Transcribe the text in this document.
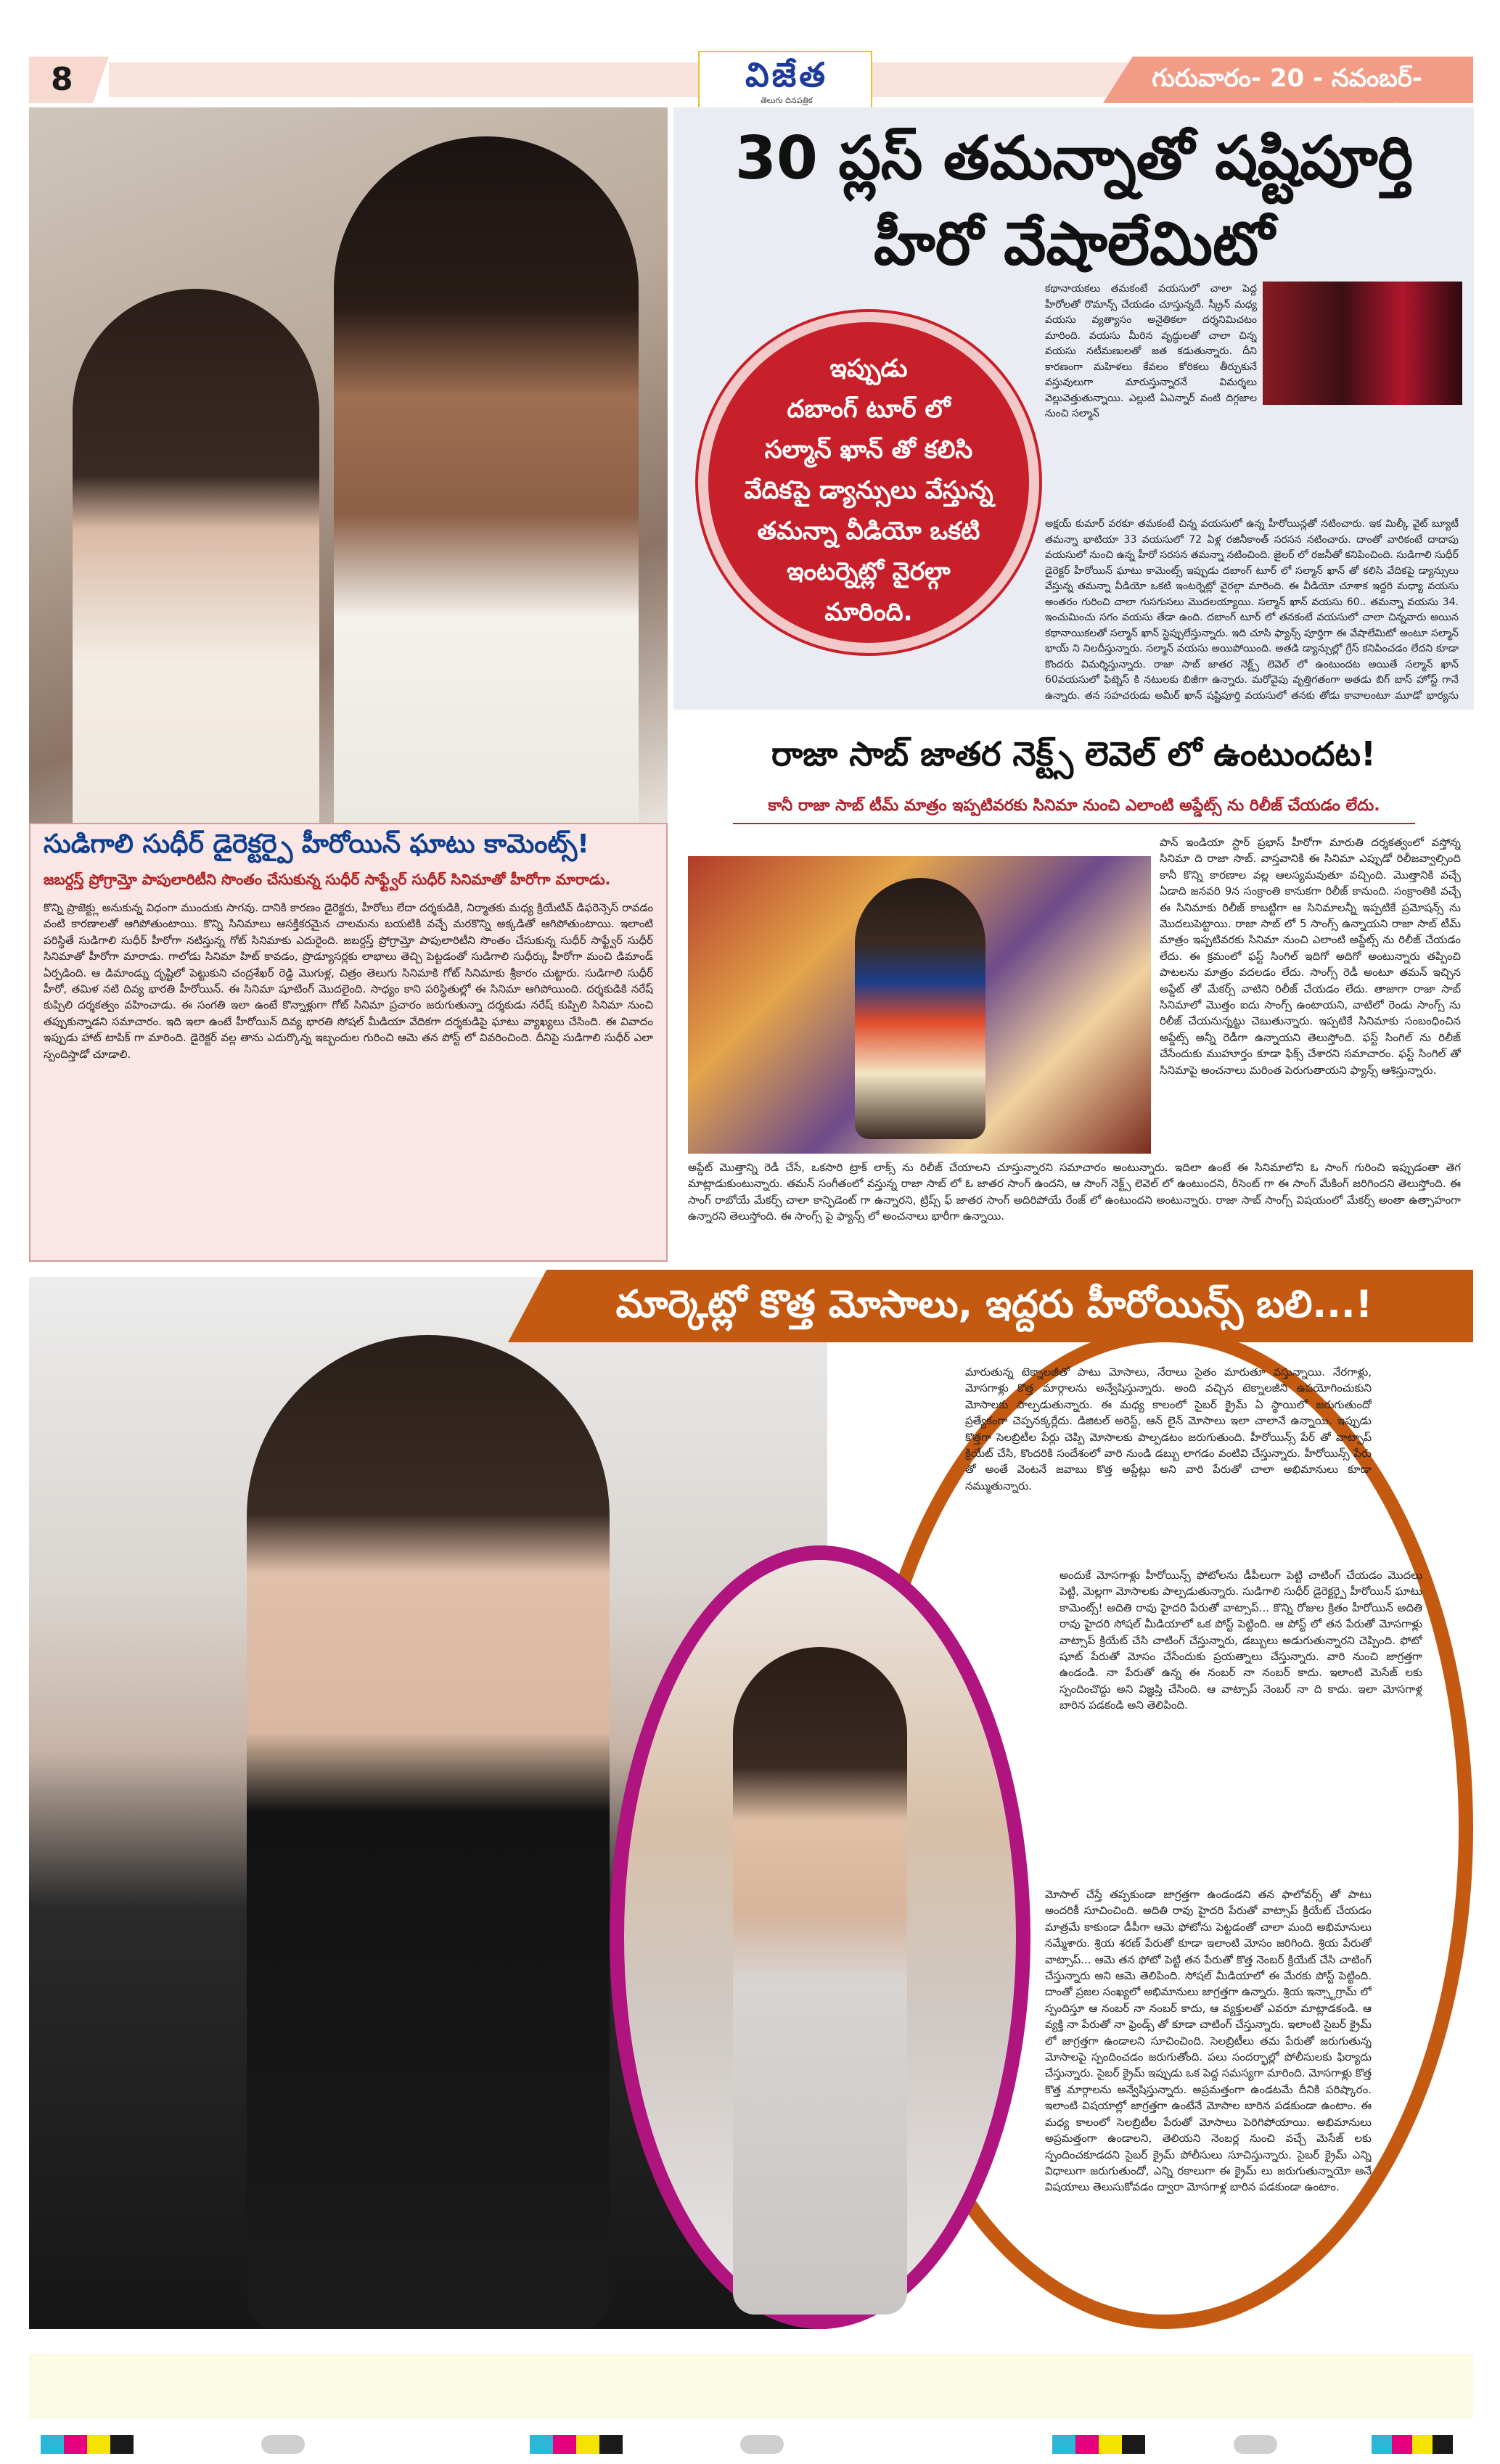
8	విజేత
తెలుగు దినపత్రిక
గురువారం- 20 - నవంబర్-
30 ప్లస్ తమన్నాతో షష్టిపూర్తి
హీరో వేషాలేమిటో
కథానాయకలు తమకంటే వయసులో చాలా పెద్ద హీరోలతో రొమాన్స్ చేయడం చూస్తున్నదే. స్క్రీన్ మధ్య వయసు వ్యత్యాసం అనైతికలా దర్శనిమిచటం మారింది. వయసు మీరిన వృద్ధులతో చాలా చిన్న వయసు నటీమణులతో జత కడుతున్నారు. దీని కారణంగా మహిళలు కేవలం కోరికలు తీర్చుకునే వస్తువులుగా మారుస్తున్నారనే విమర్శలు వెల్లువెత్తుతున్నాయి. ఎల్లుటి ఏఎన్నార్ వంటి దిగ్గజాల నుంచి సల్మాన్
అక్షయ్ కుమార్ వరకూ తమకంటే చిన్న వయసులో ఉన్న హీరోయిన్లతో నటించారు. ఇక మిల్కీ వైట్ బ్యూటీ తమన్నా భాటియా 33 వయసులో 72 ఏళ్ల రజినీకాంత్ సరసన నటించారు. దాంతో వారికంటే దాదాపు వయసులో నుంచి ఉన్న హీరో సరసన తమన్నా నటించింది. జైలర్ లో రజనీతో కనిపించింది. సుడిగాలి సుధీర్ డైరెక్టర్ హీరోయిన్ ఘాటు కామెంట్స్ ఇప్పుడు దబాంగ్ టూర్ లో సల్మాన్ ఖాన్ తో కలిసి వేదికపై డ్యాన్సులు వేస్తున్న తమన్నా వీడియో ఒకటి ఇంటర్నెట్లో వైరల్గా మారింది. ఈ వీడియో చూశాక ఇద్దరి మధ్యా వయసు అంతరం గురించి చాలా గుసగుసలు మొదలయ్యాయి. సల్మాన్ ఖాన్ వయసు 60.. తమన్నా వయసు 34. ఇంచుమించు సగం వయసు తేడా ఉంది. దబాంగ్ టూర్ లో తనకంటే వయసులో చాలా చిన్నవారు అయిన కథానాయికలతో సల్మాన్ ఖాన్ స్టెప్పులేస్తున్నారు. ఇది చూసి ఫ్యాన్స్ పూర్తిగా ఈ వేషాలేమిటో అంటూ సల్మాన్ భాయ్ ని నిలదీస్తున్నారు. సల్మాన్ వయసు అయిపోయింది. అతడి డ్యాన్సుల్లో గ్రేస్ కనిపించడం లేదని కూడా కొందరు విమర్శిస్తున్నారు. రాజా సాబ్ జాతర నెక్ట్స్ లెవెల్ లో ఉంటుందట అయితే సల్మాన్ ఖాన్ 60వయసులో ఫిట్నెస్ కి నటులకు బిజీగా ఉన్నారు. మరోవైపు వృత్తిగతంగా అతడు బిగ్ బాస్ హోస్ట్ గానే ఉన్నారు. తన సహచరుడు అమీర్ ఖాన్ షష్టిపూర్తి వయసులో తనకు తోడు కావాలంటూ మూడో భార్యను
ఇప్పుడు
దబాంగ్ టూర్ లో
సల్మాన్ ఖాన్ తో కలిసి
వేదికపై డ్యాన్సులు వేస్తున్న
తమన్నా వీడియో ఒకటి
ఇంటర్నెట్లో వైరల్గా
మారింది.
సుడిగాలి సుధీర్ డైరెక్టర్పై హీరోయిన్ ఘాటు కామెంట్స్!
జబర్దస్త్ ప్రోగ్రామ్తో పాపులారిటీని సొంతం చేసుకున్న సుధీర్ సాఫ్ట్వేర్ సుధీర్ సినిమాతో హీరోగా మారాడు.
కొన్ని ప్రాజెక్ట్లు అనుకున్న విధంగా ముందుకు సాగవు. దానికి కారణం డైరెక్టరు, హీరోలు లేదా దర్శకుడికి, నిర్మాతకు మధ్య క్రియేటివ్ డిఫరెన్సెస్ రావడం వంటి కారణాలతో ఆగిపోతుంటాయి. కొన్ని సినిమాలు ఆసక్తికరమైన చాలమను బయటికి వచ్చే మరకొన్ని అక్కడితో ఆగిపోతుంటాయి. ఇలాంటి పరిస్థితే సుడిగాలి సుధీర్ హీరోగా నటిస్తున్న గోట్ సినిమాకు ఎదురైంది. జబర్దస్త్ ప్రోగ్రామ్తో పాపులారిటీని సొంతం చేసుకున్న సుధీర్ సాఫ్ట్వేర్ సుధీర్ సినిమాతో హీరోగా మారాడు. గాలోడు సినిమా హిట్ కావడం, ప్రొడ్యూసర్లకు లాభాలు తెచ్చి పెట్టడంతో సుడిగాలి సుధీర్కు హీరోగా మంచి డిమాండ్ ఏర్పడింది. ఆ డిమాండ్ను దృష్టిలో పెట్టుకుని చంద్రశేఖర్ రెడ్డి మొగుళ్ల, చిత్రం తెలుగు సినిమాకి గోట్ సినిమాకు శ్రీకారం చుట్టారు. సుడిగాలి సుధీర్ హీరో, తమిళ నటి దివ్య భారతి హీరోయిన్. ఈ సినిమా షూటింగ్ మొదలైంది. సాధ్యం కాని పరిస్థితుల్లో ఈ సినిమా ఆగిపోయింది. దర్శకుడికి నరేష్ కుప్పిలి దర్శకత్వం వహించాడు. ఈ సంగతి ఇలా ఉంటే కొన్నాళ్లుగా గోట్ సినిమా ప్రచారం జరుగుతున్నా దర్శకుడు నరేష్ కుప్పిలి సినిమా నుంచి తప్పుకున్నాడని సమాచారం. ఇది ఇలా ఉంటే హీరోయిన్ దివ్య భారతి సోషల్ మీడియా వేదికగా దర్శకుడిపై ఘాటు వ్యాఖ్యలు చేసింది. ఈ వివాదం ఇప్పుడు హాట్ టాపిక్ గా మారింది. డైరెక్టర్ వల్ల తాను ఎదుర్కొన్న ఇబ్బందుల గురించి ఆమె తన పోస్ట్ లో వివరించింది. దీనిపై సుడిగాలి సుధీర్ ఎలా స్పందిస్తాడో చూడాలి.
రాజా సాబ్ జాతర నెక్ట్స్ లెవెల్ లో ఉంటుందట!
కానీ రాజా సాబ్ టీమ్ మాత్రం ఇప్పటివరకు సినిమా నుంచి ఎలాంటి అప్డేట్స్ ను రిలీజ్ చేయడం లేదు.
పాన్ ఇండియా స్టార్ ప్రభాస్ హీరోగా మారుతి దర్శకత్వంలో వస్తోన్న సినిమా ది రాజా సాబ్. వాస్తవానికి ఈ సినిమా ఎప్పుడో రిలీజవ్వాల్సింది కానీ కొన్ని కారణాల వల్ల ఆలస్యమవుతూ వచ్చింది. మొత్తానికి వచ్చే ఏడాది జనవరి 9న సంక్రాంతి కానుకగా రిలీజ్ కానుంది. సంక్రాంతికి వచ్చే ఈ సినిమాకు రిలీజ్ కాబట్టిగా ఆ సినిమాలన్నీ ఇప్పటికే ప్రమోషన్స్ ను మొదలుపెట్టాయి. రాజా సాబ్ లో 5 సాంగ్స్ ఉన్నాయని రాజా సాబ్ టీమ్ మాత్రం ఇప్పటివరకు సినిమా నుంచి ఎలాంటి అప్డేట్స్ ను రిలీజ్ చేయడం లేదు. ఈ క్రమంలో ఫస్ట్ సింగిల్ ఇదిగో అదిగో అంటున్నారు తప్పించి పాటలను మాత్రం వదలడం లేదు. సాంగ్స్ రెడీ అంటూ తమన్ ఇచ్చిన అప్డేట్ తో మేకర్స్ వాటిని రిలీజ్ చేయడం లేదు. తాజాగా రాజా సాబ్ సినిమాలో మొత్తం ఐదు సాంగ్స్ ఉంటాయని, వాటిలో రెండు సాంగ్స్ ను రిలీజ్ చేయనున్నట్టు చెబుతున్నారు. ఇప్పటికే సినిమాకు సంబంధించిన అప్డేట్స్ అన్నీ రెడీగా ఉన్నాయని తెలుస్తోంది. ఫస్ట్ సింగిల్ ను రిలీజ్ చేసేందుకు ముహూర్తం కూడా ఫిక్స్ చేశారని సమాచారం. ఫస్ట్ సింగిల్ తో సినిమాపై అంచనాలు మరింత పెరుగుతాయని ఫ్యాన్స్ ఆశిస్తున్నారు.
అప్డేట్ మొత్తాన్ని రెడీ చేసే, ఒకసారి ట్రాక్ లాక్స్ ను రిలీజ్ చేయాలని చూస్తున్నారని సమాచారం అంటున్నారు. ఇదిలా ఉంటే ఈ సినిమాలోని ఓ సాంగ్ గురించి ఇప్పుడంతా తెగ మాట్లాడుకుంటున్నారు. తమన్ సంగీతంలో వస్తున్న రాజా సాబ్ లో ఓ జాతర సాంగ్ ఉందని, ఆ సాంగ్ నెక్ట్స్ లెవెల్ లో ఉంటుందని, రీసెంట్ గా ఈ సాంగ్ మేకింగ్ జరిగిందని తెలుస్తోంది. ఈ సాంగ్ రాబోయే మేకర్స్ చాలా కాన్ఫిడెంట్ గా ఉన్నారని, ట్రిప్స్ ఫ్ జాతర సాంగ్ అదిరిపోయే రేంజ్ లో ఉంటుందని అంటున్నారు. రాజా సాబ్ సాంగ్స్ విషయంలో మేకర్స్ అంతా ఉత్సాహంగా ఉన్నారని తెలుస్తోంది. ఈ సాంగ్స్ పై ఫ్యాన్స్ లో అంచనాలు భారీగా ఉన్నాయి.
మార్కెట్లో కొత్త మోసాలు, ఇద్దరు హీరోయిన్స్ బలి...!
మారుతున్న టెక్నాలజీతో పాటు మోసాలు, నేరాలు సైతం మారుతూ వస్తున్నాయి. నేరగాళ్లు, మోసగాళ్లు కొత్త మార్గాలను అన్వేషిస్తున్నారు. అంది వచ్చిన టెక్నాలజీని ఉపయోగించుకుని మోసాలకు పాల్పడుతున్నారు. ఈ మధ్య కాలంలో సైబర్ క్రైమ్ ఏ స్థాయిలో జరుగుతుందో ప్రత్యేకంగా చెప్పనక్కర్లేదు. డిజిటల్ అరెస్ట్, ఆన్ లైన్ మోసాలు ఇలా చాలానే ఉన్నాయి. ఇప్పుడు కొత్తగా సెలబ్రిటీల పేర్లు చెప్పి మోసాలకు పాల్పడటం జరుగుతుంది. హీరోయిన్స్ పేర్ తో వాట్సాప్ క్రియేట్ చేసి, కొందరికి సందేశంలో వారి నుండి డబ్బు లాగడం వంటివి చేస్తున్నారు. హీరోయిన్స్ పేరు తో అంతే వెంటనే జవాబు కొత్త అప్డేట్లు అని వారి పేరుతో చాలా అభిమానులు కూడా నమ్ముతున్నారు.
అందుకే మోసగాళ్లు హీరోయిన్స్ ఫోటోలను డీపీలుగా పెట్టి చాటింగ్ చేయడం మొదలు పెట్టి, మెల్లగా మోసాలకు పాల్పడుతున్నారు. సుడిగాలి సుధీర్ డైరెక్టర్పై హీరోయిన్ ఘాటు కామెంట్స్! అదితి రావు హైదరి పేరుతో వాట్సాప్... కొన్ని రోజుల క్రితం హీరోయిన్ అదితి రావు హైదరి సోషల్ మీడియాలో ఒక పోస్ట్ పెట్టింది. ఆ పోస్ట్ లో తన పేరుతో మోసగాళ్లు వాట్సాప్ క్రియేట్ చేసి చాటింగ్ చేస్తున్నారు, డబ్బులు అడుగుతున్నారని చెప్పింది. ఫోటో షూట్ పేరుతో మోసం చేసేందుకు ప్రయత్నాలు చేస్తున్నారు. వారి నుంచి జాగ్రత్తగా ఉండండి. నా పేరుతో ఉన్న ఈ నంబర్ నా నంబర్ కాదు. ఇలాంటి మెసేజ్ లకు స్పందించొద్దు అని విజ్ఞప్తి చేసింది. ఆ వాట్సాప్ నెంబర్ నా ది కాదు. ఇలా మోసగాళ్ల బారిన పడకండి అని తెలిపింది.
మోసాల్ చేస్తే తప్పకుండా జాగ్రత్తగా ఉండండని తన ఫాలోవర్స్ తో పాటు అందరికీ సూచించింది. అదితి రావు హైదరి పేరుతో వాట్సాప్ క్రియేట్ చేయడం మాత్రమే కాకుండా డీపీగా ఆమె ఫోటోను పెట్టడంతో చాలా మంది అభిమానులు నమ్మేశారు. శ్రియ శరణ్ పేరుతో కూడా ఇలాంటి మోసం జరిగింది. శ్రియ పేరుతో వాట్సాప్... ఆమె తన ఫోటో పెట్టి తన పేరుతో కొత్త నెంబర్ క్రియేట్ చేసి చాటింగ్ చేస్తున్నారు అని ఆమె తెలిపింది. సోషల్ మీడియాలో ఈ మేరకు పోస్ట్ పెట్టింది. దాంతో ప్రజల సంఖ్యలో అభిమానులు జాగ్రత్తగా ఉన్నారు. శ్రియ ఇన్స్టాగ్రామ్ లో స్పందిస్తూ ఆ నంబర్ నా నంబర్ కాదు, ఆ వ్యక్తులతో ఎవరూ మాట్లాడకండి. ఆ వ్యక్తి నా పేరుతో నా ఫ్రెండ్స్ తో కూడా చాటింగ్ చేస్తున్నారు. ఇలాంటి సైబర్ క్రైమ్ లో జాగ్రత్తగా ఉండాలని సూచించింది. సెలబ్రిటీలు తమ పేరుతో జరుగుతున్న మోసాలపై స్పందించడం జరుగుతోంది. పలు సందర్భాల్లో పోలీసులకు ఫిర్యాదు చేస్తున్నారు. సైబర్ క్రైమ్ ఇప్పుడు ఒక పెద్ద సమస్యగా మారింది. మోసగాళ్లు కొత్త కొత్త మార్గాలను అన్వేషిస్తున్నారు. అప్రమత్తంగా ఉండటమే దీనికి పరిష్కారం. ఇలాంటి విషయాల్లో జాగ్రత్తగా ఉంటేనే మోసాల బారిన పడకుండా ఉంటాం. ఈ మధ్య కాలంలో సెలబ్రిటీల పేరుతో మోసాలు పెరిగిపోయాయి. అభిమానులు అప్రమత్తంగా ఉండాలని, తెలియని నెంబర్ల నుంచి వచ్చే మెసేజ్ లకు స్పందించకూడదని సైబర్ క్రైమ్ పోలీసులు సూచిస్తున్నారు. సైబర్ క్రైమ్ ఎన్ని విధాలుగా జరుగుతుందో, ఎన్ని రకాలుగా ఈ క్రైమ్ లు జరుగుతున్నాయో అనే విషయాలు తెలుసుకోవడం ద్వారా మోసగాళ్ల బారిన పడకుండా ఉంటాం.
